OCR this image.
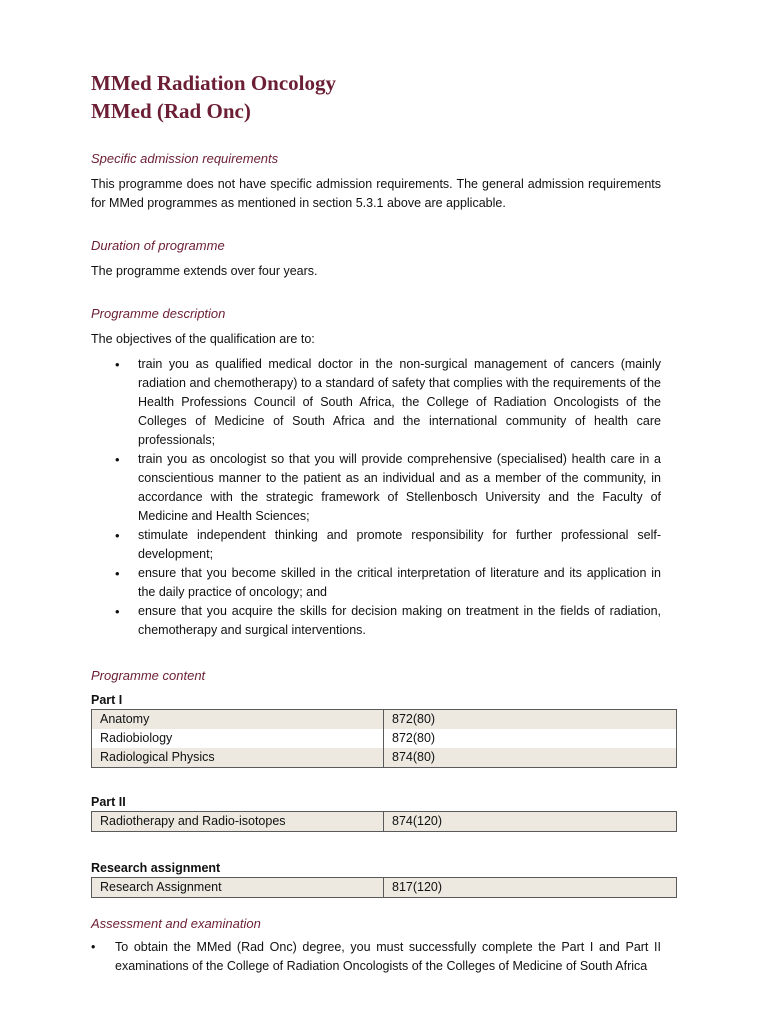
MMed Radiation Oncology
MMed (Rad Onc)

Specific admission requirements

This programme does not have specific admission requirements. The general admission requirements for MMed programmes as mentioned in section 5.3.1 above are applicable.

Duration of programme

The programme extends over four years.

Programme description

The objectives of the qualification are to:

• train you as qualified medical doctor in the non-surgical management of cancers (mainly radiation and chemotherapy) to a standard of safety that complies with the requirements of the Health Professions Council of South Africa, the College of Radiation Oncologists of the Colleges of Medicine of South Africa and the international community of health care professionals;
• train you as oncologist so that you will provide comprehensive (specialised) health care in a conscientious manner to the patient as an individual and as a member of the community, in accordance with the strategic framework of Stellenbosch University and the Faculty of Medicine and Health Sciences;
• stimulate independent thinking and promote responsibility for further professional self-development;
• ensure that you become skilled in the critical interpretation of literature and its application in the daily practice of oncology; and
• ensure that you acquire the skills for decision making on treatment in the fields of radiation, chemotherapy and surgical interventions.

Programme content

Part I

Anatomy	872(80)
Radiobiology	872(80)
Radiological Physics	874(80)

Part II

Radiotherapy and Radio-isotopes	874(120)

Research assignment

Research Assignment	817(120)

Assessment and examination

• To obtain the MMed (Rad Onc) degree, you must successfully complete the Part I and Part II examinations of the College of Radiation Oncologists of the Colleges of Medicine of South Africa
